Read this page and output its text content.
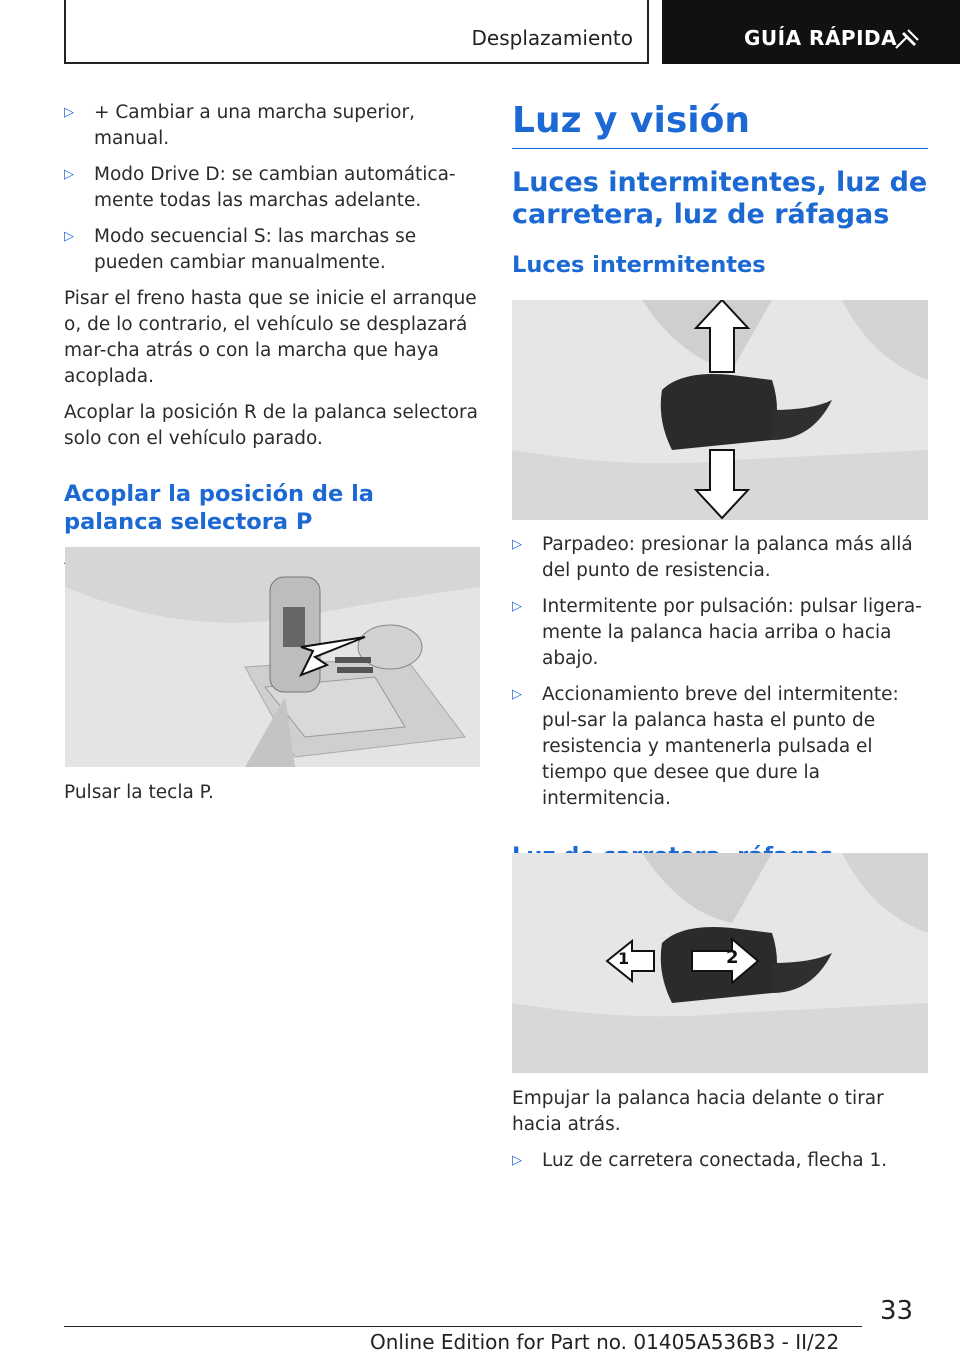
Desplazamiento	GUÍA RÁPIDA
▷	+ Cambiar a una marcha superior, manual.
▷	Modo Drive D: se cambian automática-mente todas las marchas adelante.
▷	Modo secuencial S: las marchas se pueden cambiar manualmente.

Pisar el freno hasta que se inicie el arranque o, de lo contrario, el vehículo se desplazará mar-cha atrás o con la marcha que haya acoplada.

Acoplar la posición R de la palanca selectora solo con el vehículo parado.

Acoplar la posición de la palanca selectora P

Pulsar la tecla P.

Luz y visión
Luces intermitentes, luz de carretera, luz de ráfagas
Luces intermitentes
▷	Parpadeo: presionar la palanca más allá del punto de resistencia.
▷	Intermitente por pulsación: pulsar ligera-mente la palanca hacia arriba o hacia abajo.
▷	Accionamiento breve del intermitente: pul-sar la palanca hasta el punto de resistencia y mantenerla pulsada el tiempo que desee que dure la intermitencia.
1	2

Empujar la palanca hacia delante o tirar hacia atrás.

▷	Luz de carretera conectada, flecha 1.
33
Online Edition for Part no. 01405A536B3 - II/22
